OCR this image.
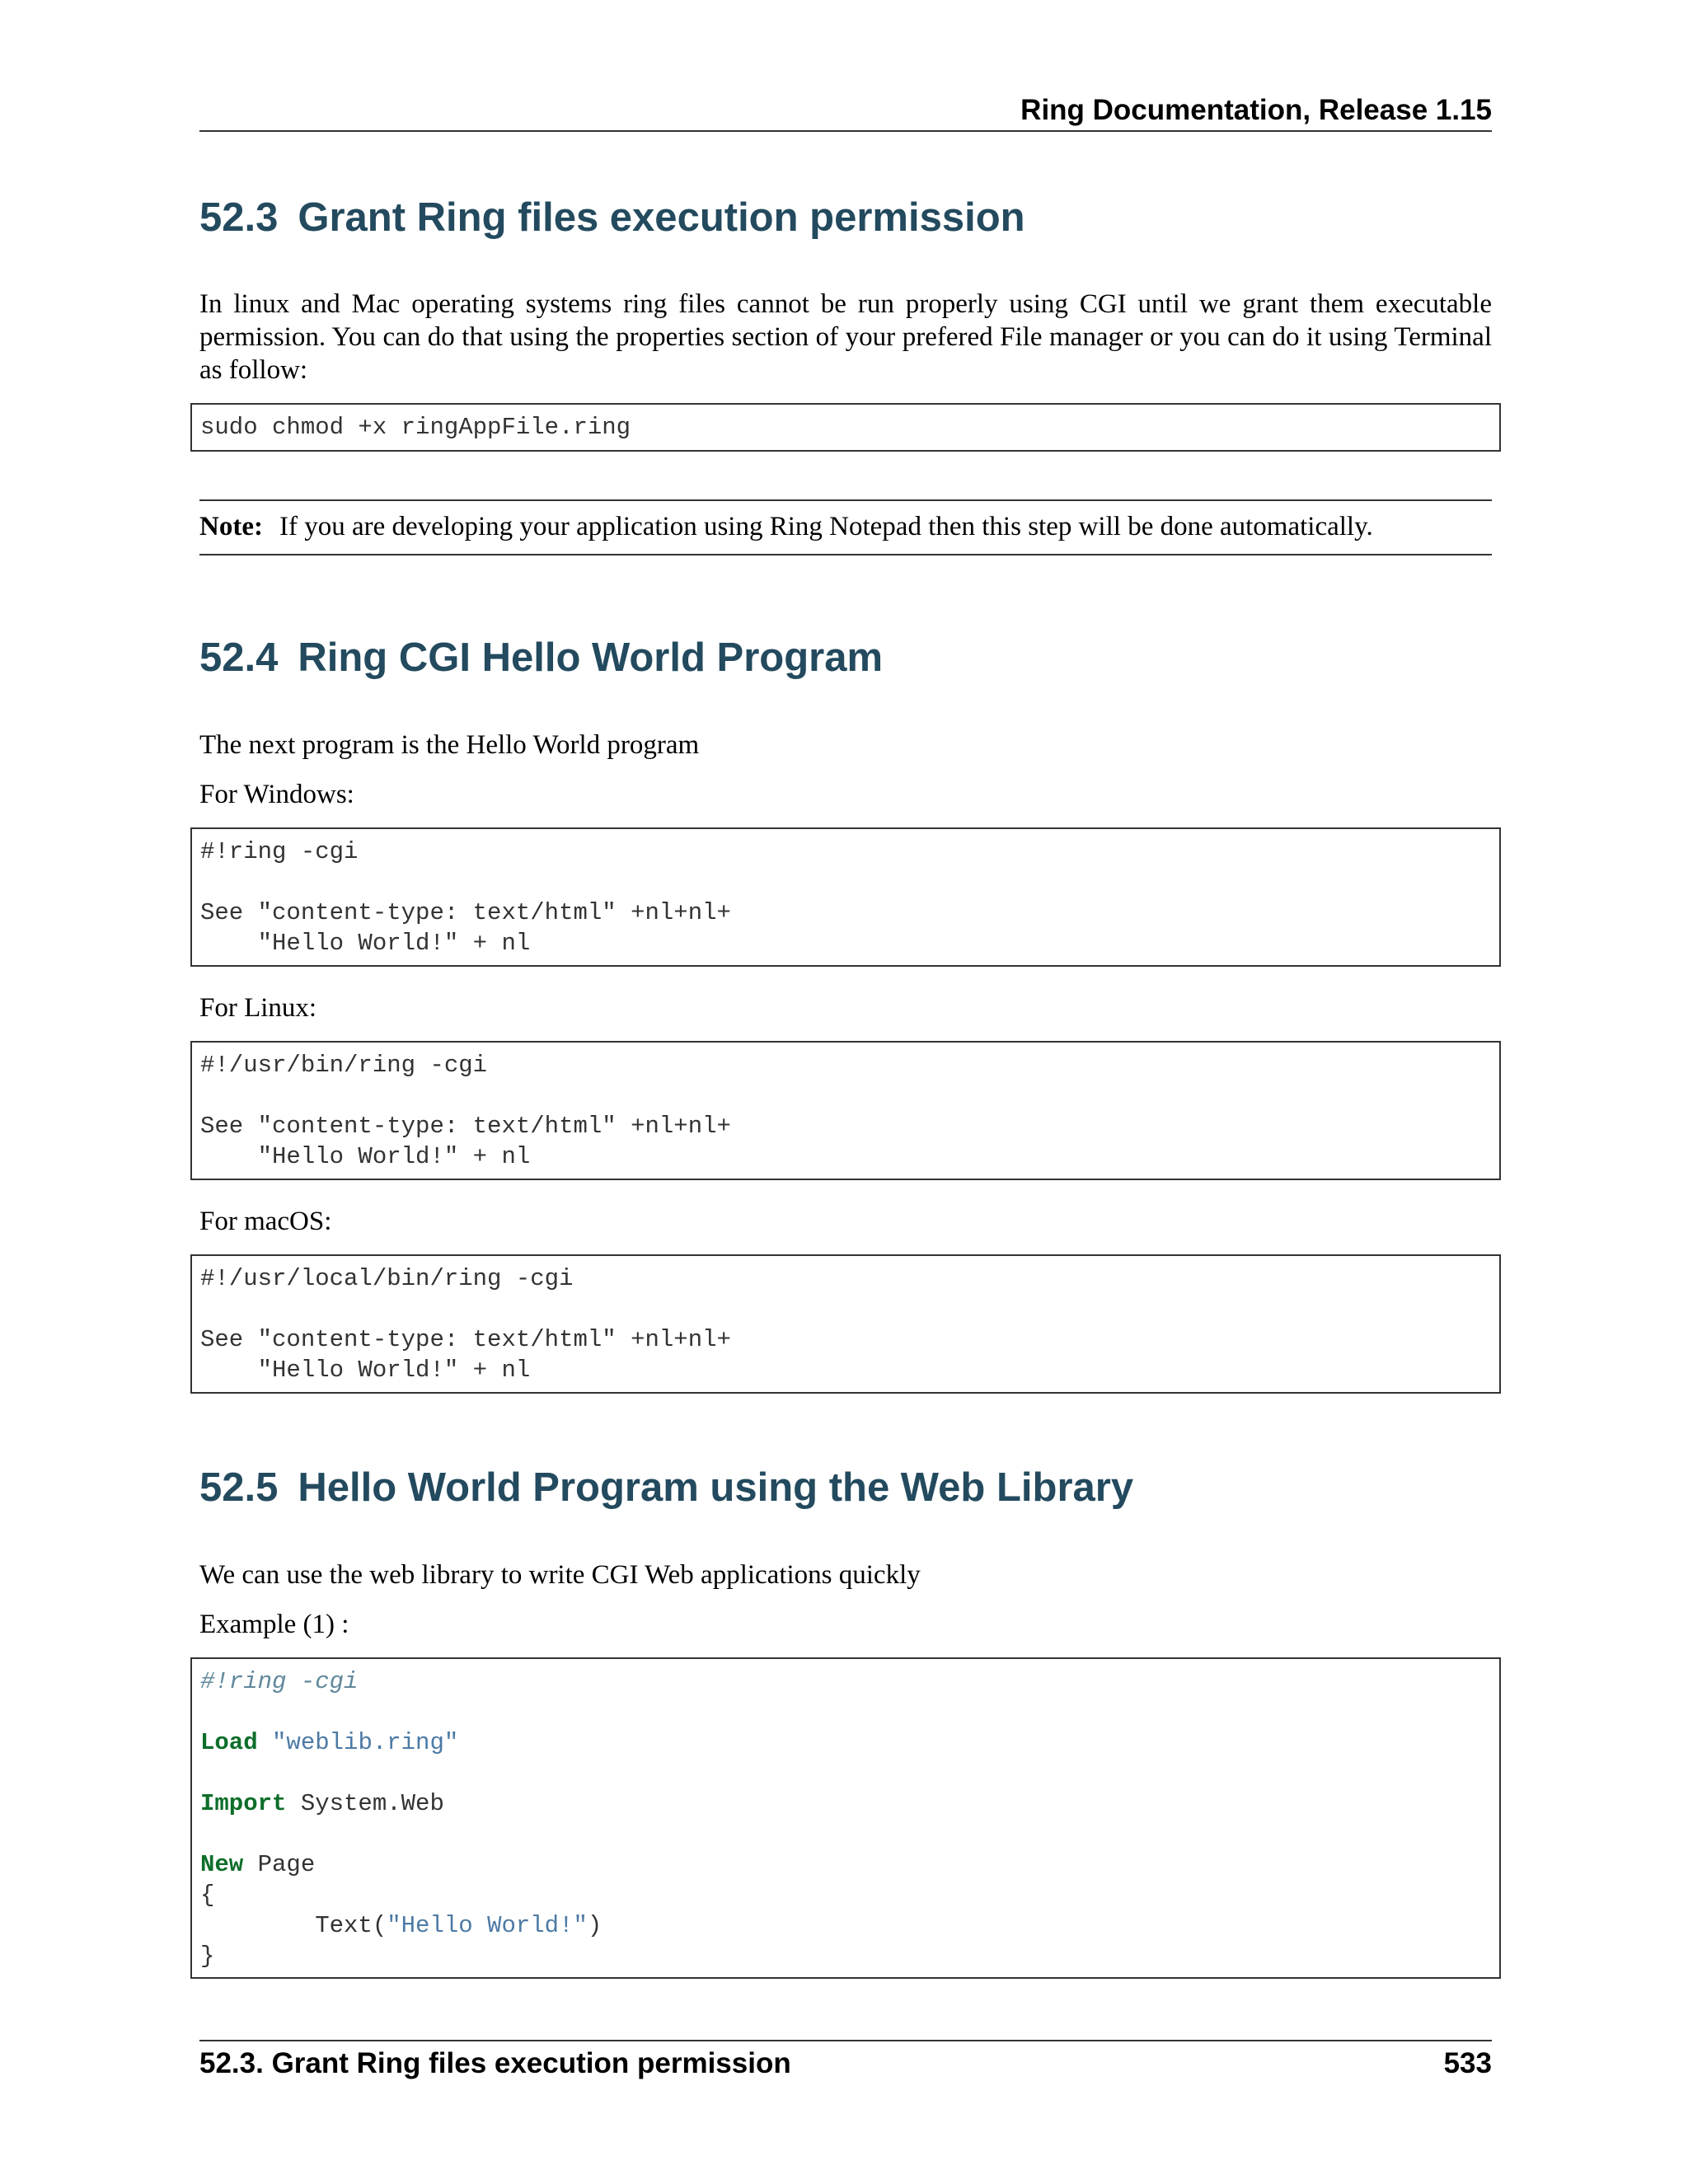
Ring Documentation, Release 1.15
52.3 Grant Ring files execution permission

In linux and Mac operating systems ring files cannot be run properly using CGI until we grant them executable permission. You can do that using the properties section of your prefered File manager or you can do it using Terminal as follow:

sudo chmod +x ringAppFile.ring
Note: If you are developing your application using Ring Notepad then this step will be done automatically.
52.4 Ring CGI Hello World Program

The next program is the Hello World program

For Windows:

#!ring -cgi
See "content-type: text/html" +nl+nl+
"Hello World!" + nl

For Linux:

#!/usr/bin/ring -cgi
See "content-type: text/html" +nl+nl+
"Hello World!" + nl

For macOS:

#!/usr/local/bin/ring -cgi
See "content-type: text/html" +nl+nl+
"Hello World!" + nl
52.5 Hello World Program using the Web Library

We can use the web library to write CGI Web applications quickly

Example (1) :

#!ring -cgi
Load "weblib.ring"
Import System.Web
New Page
{
Text("Hello World!")
}
52.3. Grant Ring files execution permission	533
